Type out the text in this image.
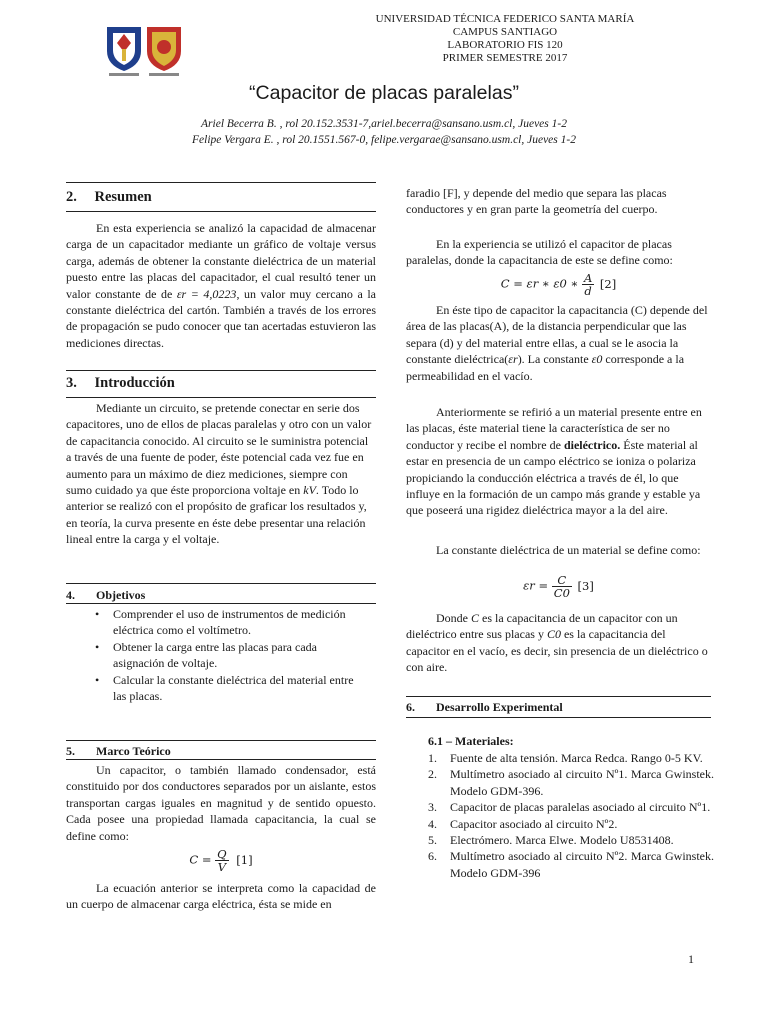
UNIVERSIDAD TÉCNICA FEDERICO SANTA MARÍA
CAMPUS SANTIAGO
LABORATORIO FIS 120
PRIMER SEMESTRE 2017
“Capacitor de placas paralelas”
Ariel Becerra B. , rol 20.152.3531-7,ariel.becerra@sansano.usm.cl, Jueves 1-2
Felipe Vergara E. , rol 20.1551.567-0, felipe.vergarae@sansano.usm.cl, Jueves 1-2
2. Resumen

En esta experiencia se analizó la capacidad de almacenar carga de un capacitador mediante un gráfico de voltaje versus carga, además de obtener la constante dieléctrica de un material puesto entre las placas del capacitador, el cual resultó tener un valor constante de de εr = 4,0223, un valor muy cercano a la constante dieléctrica del cartón. También a través de los errores de propagación se pudo conocer que tan acertadas estuvieron las mediciones directas.

3. Introducción

Mediante un circuito, se pretende conectar en serie dos capacitores, uno de ellos de placas paralelas y otro con un valor de capacitancia conocido. Al circuito se le suministra potencial a través de una fuente de poder, éste potencial cada vez fue en aumento para un máximo de diez mediciones, siempre con sumo cuidado ya que éste proporciona voltaje en kV. Todo lo anterior se realizó con el propósito de graficar los resultados y, en teoría, la curva presente en éste debe presentar una relación lineal entre la carga y el voltaje.

4. Objetivos
• Comprender el uso de instrumentos de medición eléctrica como el voltímetro.
• Obtener la carga entre las placas para cada asignación de voltaje.
• Calcular la constante dieléctrica del material entre las placas.
5. Marco Teórico

Un capacitor, o también llamado condensador, está constituido por dos conductores separados por un aislante, estos transportan cargas iguales en magnitud y de sentido opuesto. Cada posee una propiedad llamada capacitancia, la cual se define como:

$C = \frac{Q}{V} [1]$

La ecuación anterior se interpreta como la capacidad de un cuerpo de almacenar carga eléctrica, ésta se mide en

faradio [F], y depende del medio que separa las placas conductores y en gran parte la geometría del cuerpo.

En la experiencia se utilizó el capacitor de placas paralelas, donde la capacitancia de este se define como:

C = εr ∗ ε0 ∗ $\frac{A}{d} [2]$

En éste tipo de capacitor la capacitancia (C) depende del área de las placas(A), de la distancia perpendicular que las separa (d) y del material entre ellas, a cual se le asocia la constante dieléctrica(εr). La constante ε0 corresponde a la permeabilidad en el vacío.

Anteriormente se refirió a un material presente entre en las placas, éste material tiene la característica de ser no conductor y recibe el nombre de dieléctrico. Éste material al estar en presencia de un campo eléctrico se ioniza o polariza propiciando la conducción eléctrica a través de él, lo que influye en la formación de un campo más grande y estable ya que poseerá una rigidez dieléctrica mayor a la del aire.

La constante dieléctrica de un material se define como:

$\varepsilon r = \frac{C}{C0} [3]$

Donde C es la capacitancia de un capacitor con un dieléctrico entre sus placas y C0 es la capacitancia del capacitor en el vacío, es decir, sin presencia de un dieléctrico o con aire.

6. Desarrollo Experimental
6.1 – Materiales:
1. Fuente de alta tensión. Marca Redca. Rango 0-5 KV.
2. Multímetro asociado al circuito Nº1. Marca Gwinstek. Modelo GDM-396.
3. Capacitor de placas paralelas asociado al circuito Nº1.
4. Capacitor asociado al circuito Nº2.
5. Electrómero. Marca Elwe. Modelo U8531408.
6. Multímetro asociado al circuito Nº2. Marca Gwinstek. Modelo GDM-396
1
